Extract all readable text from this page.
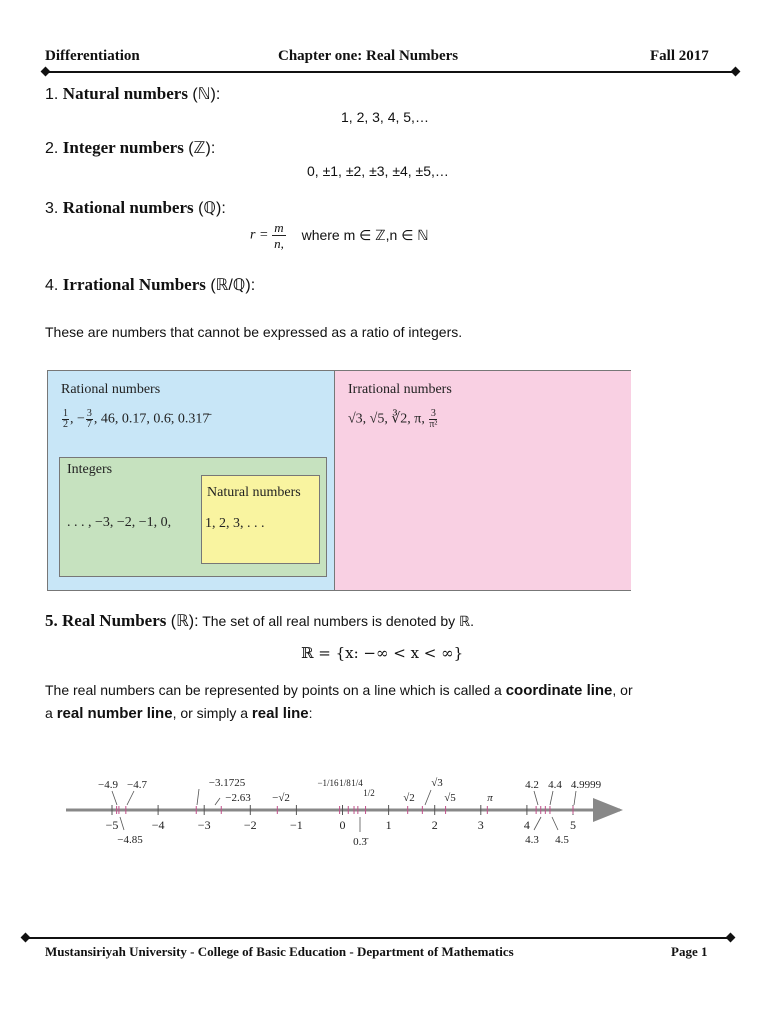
Differentiation	Chapter one: Real Numbers	Fall 2017
1. Natural numbers (ℕ):
1, 2, 3, 4, 5,…
2. Integer numbers (ℤ):
0, ±1, ±2, ±3, ±4, ±5,…
3. Rational numbers (ℚ):
$r = \frac{m}{n,}$ where m ∈ ℤ,n ∈ ℕ
4. Irrational Numbers (ℝ/ℚ):
These are numbers that cannot be expressed as a ratio of integers.
Rational numbers
$\frac{1}{2}$ , − $\frac{3}{7}$ , 46, 0.17, 0.6̄, 0.317̄
Irrational numbers
√3, √5, ∛2, π, $\frac{3}{\text{π²}}$
Integers
. . . , −3, −2, −1, 0,
Natural numbers
1, 2, 3, . . .
5. Real Numbers (ℝ): The set of all real numbers is denoted by ℝ.
ℝ = {x: −∞ < x < ∞}
The real numbers can be represented by points on a line which is called a coordinate line, or
a real number line, or simply a real line:
−5	−4	−3	−2	−1	0	1	2	3	4	5
−4.9 −4.7	−3.1725
−2.63 −√2
−1/16 1/8 1/4
1/2	√2
√3
√5	π
4.2 4.4 4.9999
−4.85	0.3̄	4.3 4.5
Mustansiriyah University - College of Basic Education - Department of Mathematics	Page 1
